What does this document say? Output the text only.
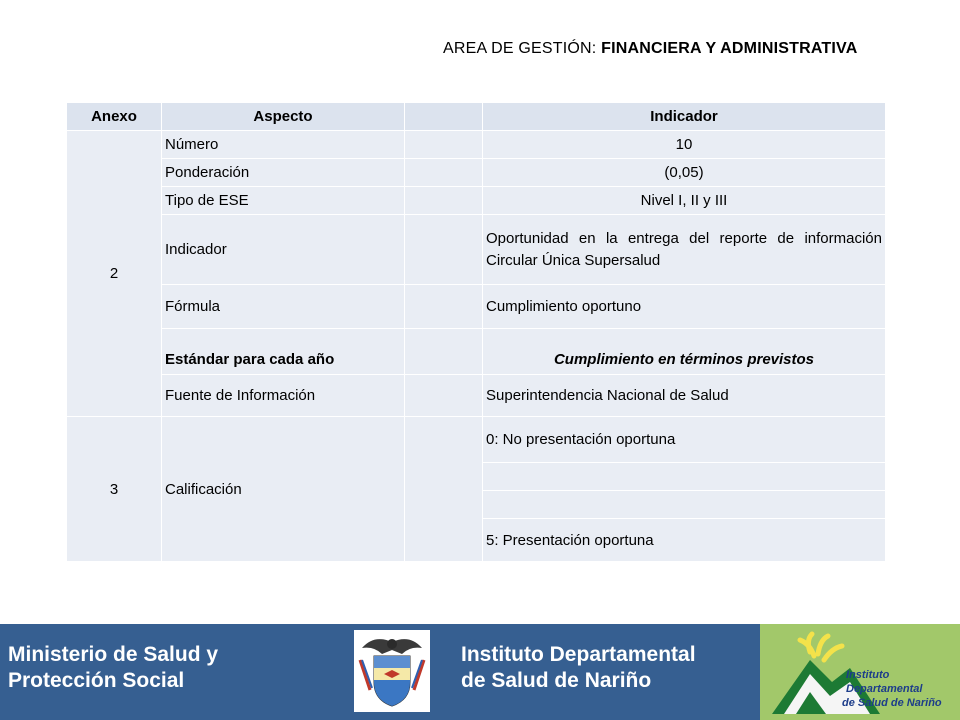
AREA DE GESTIÓN: FINANCIERA Y ADMINISTRATIVA
Anexo	Aspecto		Indicador
2	Número		10
	Ponderación		(0,05)
	Tipo de ESE		Nivel I, II y III
	Indicador		Oportunidad en la entrega del reporte de información Circular Única Supersalud
	Fórmula		Cumplimiento oportuno
	Estándar para cada año		Cumplimiento en términos previstos
	Fuente de Información		Superintendencia Nacional de Salud
3	Calificación		0: No presentación oportuna

			5: Presentación oportuna
Ministerio de Salud y
Protección Social
Instituto Departamental
de Salud de Nariño	Instituto
Departamental
de Salud de Nariño
